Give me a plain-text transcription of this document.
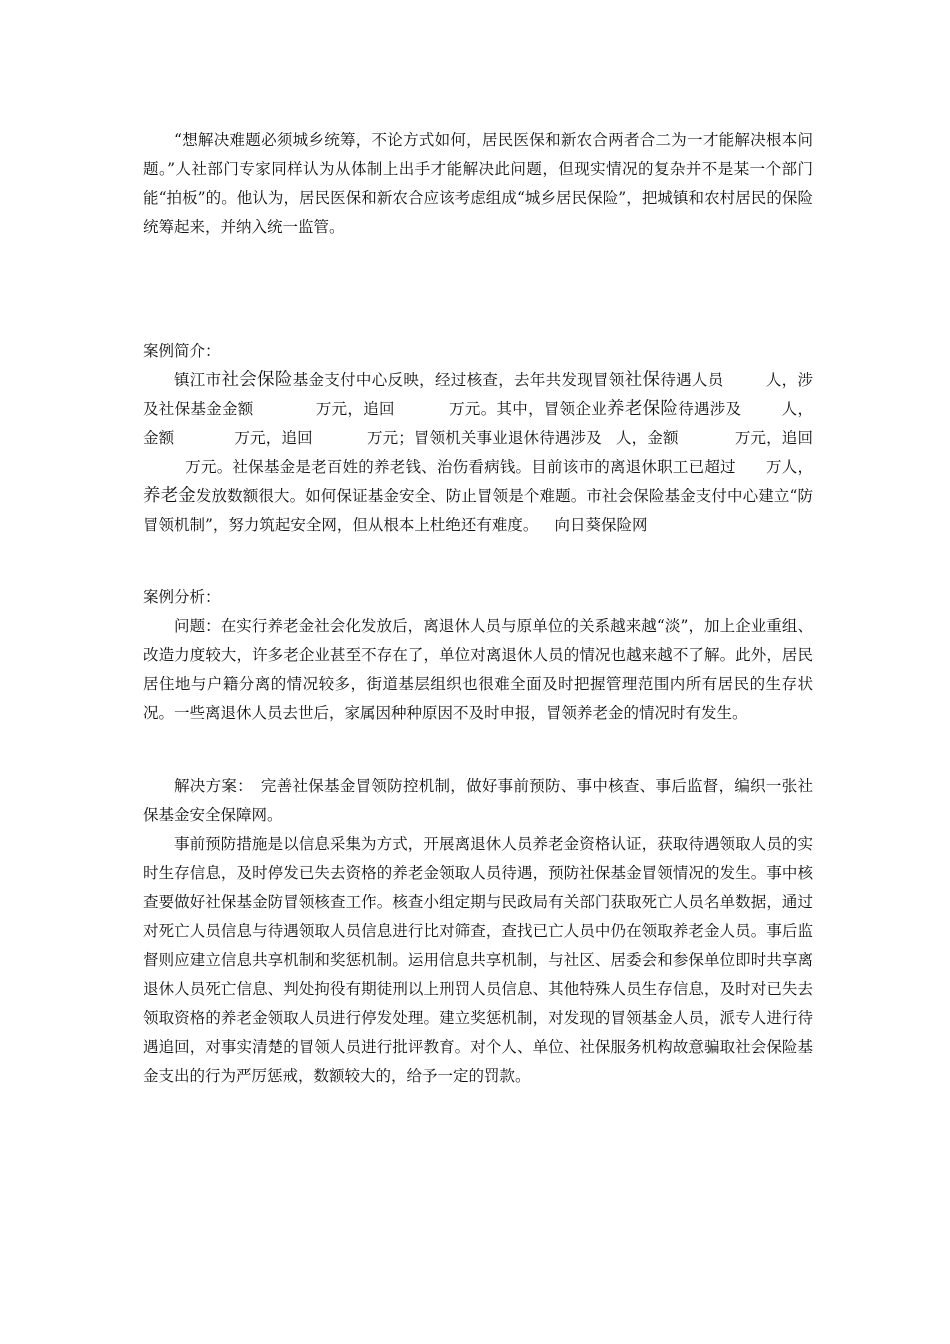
“想解决难题必须城乡统筹，不论方式如何，居民医保和新农合两者合二为一才能解决根本问题。”人社部门专家同样认为从体制上出手才能解决此问题，但现实情况的复杂并不是某一个部门能“拍板”的。他认为，居民医保和新农合应该考虑组成“城乡居民保险”，把城镇和农村居民的保险统筹起来，并纳入统一监管。

案例简介：

镇江市社会保险基金支付中心反映，经过核查，去年共发现冒领社保待遇人员	人，涉及社保基金金额	万元，追回	万元。其中，冒领企业养老保险待遇涉及	人，金额	万元，追回	万元；冒领机关事业退休待遇涉及 人，金额	万元，追回万元。社保基金是老百姓的养老钱、治伤看病钱。目前该市的离退休职工已超过 万人，养老金发放数额很大。如何保证基金安全、防止冒领是个难题。市社会保险基金支付中心建立“防冒领机制”，努力筑起安全网，但从根本上杜绝还有难度。 向日葵保险网

案例分析：

问题：在实行养老金社会化发放后，离退休人员与原单位的关系越来越“淡”，加上企业重组、改造力度较大，许多老企业甚至不存在了，单位对离退休人员的情况也越来越不了解。此外，居民居住地与户籍分离的情况较多，街道基层组织也很难全面及时把握管理范围内所有居民的生存状况。一些离退休人员去世后，家属因种种原因不及时申报，冒领养老金的情况时有发生。

解决方案：　完善社保基金冒领防控机制，做好事前预防、事中核查、事后监督，编织一张社保基金安全保障网。

事前预防措施是以信息采集为方式，开展离退休人员养老金资格认证，获取待遇领取人员的实时生存信息，及时停发已失去资格的养老金领取人员待遇，预防社保基金冒领情况的发生。事中核查要做好社保基金防冒领核查工作。核查小组定期与民政局有关部门获取死亡人员名单数据，通过对死亡人员信息与待遇领取人员信息进行比对筛查，查找已亡人员中仍在领取养老金人员。事后监督则应建立信息共享机制和奖惩机制。运用信息共享机制，与社区、居委会和参保单位即时共享离退休人员死亡信息、判处拘役有期徒刑以上刑罚人员信息、其他特殊人员生存信息，及时对已失去领取资格的养老金领取人员进行停发处理。建立奖惩机制，对发现的冒领基金人员，派专人进行待遇追回，对事实清楚的冒领人员进行批评教育。对个人、单位、社保服务机构故意骗取社会保险基金支出的行为严厉惩戒，数额较大的，给予一定的罚款。
